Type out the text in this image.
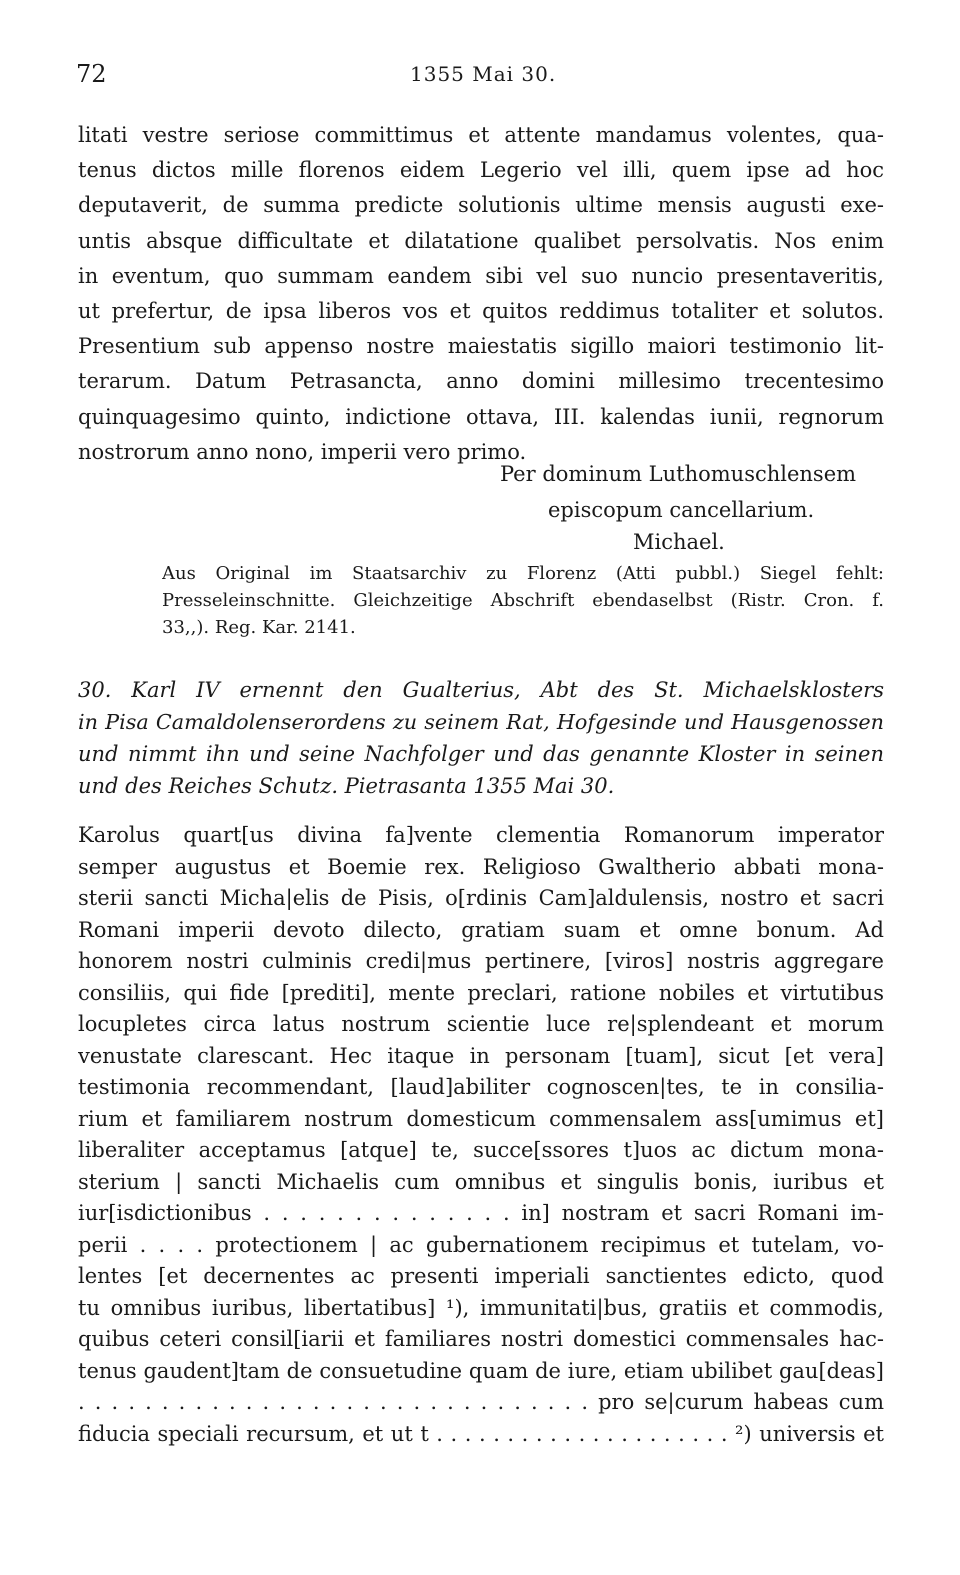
72	1355 Mai 30.
litati vestre seriose committimus et attente mandamus volentes, qua-
tenus dictos mille florenos eidem Legerio vel illi, quem ipse ad hoc
deputaverit, de summa predicte solutionis ultime mensis augusti exe-
untis absque difficultate et dilatatione qualibet persolvatis. Nos enim
in eventum, quo summam eandem sibi vel suo nuncio presentaveritis,
ut prefertur, de ipsa liberos vos et quitos reddimus totaliter et solutos.
Presentium sub appenso nostre maiestatis sigillo maiori testimonio lit-
terarum. Datum Petrasancta, anno domini millesimo trecentesimo
quinquagesimo quinto, indictione ottava, III. kalendas iunii, regnorum
nostrorum anno nono, imperii vero primo.
Per dominum Luthomuschlensem
episcopum cancellarium.
Michael.
Aus Original im Staatsarchiv zu Florenz (Atti pubbl.) Siegel fehlt:
Presseleinschnitte. Gleichzeitige Abschrift ebendaselbst (Ristr. Cron. f.
33,,). Reg. Kar. 2141.
30. Karl IV ernennt den Gualterius, Abt des St. Michaelsklosters
in Pisa Camaldolenserordens zu seinem Rat, Hofgesinde und Hausgenossen
und nimmt ihn und seine Nachfolger und das genannte Kloster in seinen
und des Reiches Schutz. Pietrasanta 1355 Mai 30.
Karolus quart[us divina fa]vente clementia Romanorum imperator
semper augustus et Boemie rex. Religioso Gwaltherio abbati mona-
sterii sancti Micha|elis de Pisis, o[rdinis Cam]aldulensis, nostro et sacri
Romani imperii devoto dilecto, gratiam suam et omne bonum. Ad
honorem nostri culminis credi|mus pertinere, [viros] nostris aggregare
consiliis, qui fide [prediti], mente preclari, ratione nobiles et virtutibus
locupletes circa latus nostrum scientie luce re|splendeant et morum
venustate clarescant. Hec itaque in personam [tuam], sicut [et vera]
testimonia recommendant, [laud]abiliter cognoscen|tes, te in consilia-
rium et familiarem nostrum domesticum commensalem ass[umimus et]
liberaliter acceptamus [atque] te, succe[ssores t]uos ac dictum mona-
sterium | sancti Michaelis cum omnibus et singulis bonis, iuribus et
iur[isdictionibus . . . . . . . . . . . . . . in] nostram et sacri Romani im-
perii . . . . protectionem | ac gubernationem recipimus et tutelam, vo-
lentes [et decernentes ac presenti imperiali sanctientes edicto, quod
tu omnibus iuribus, libertatibus] ¹), immunitati|bus, gratiis et commodis,
quibus ceteri consil[iarii et familiares nostri domestici commensales hac-
tenus gaudent]tam de consuetudine quam de iure, etiam ubilibet gau[deas]
. . . . . . . . . . . . . . . . . . . . . . . . . . . . . . . pro se|curum habeas cum
fiducia speciali recursum, et ut t . . . . . . . . . . . . . . . . . . . . . ²) universis et
